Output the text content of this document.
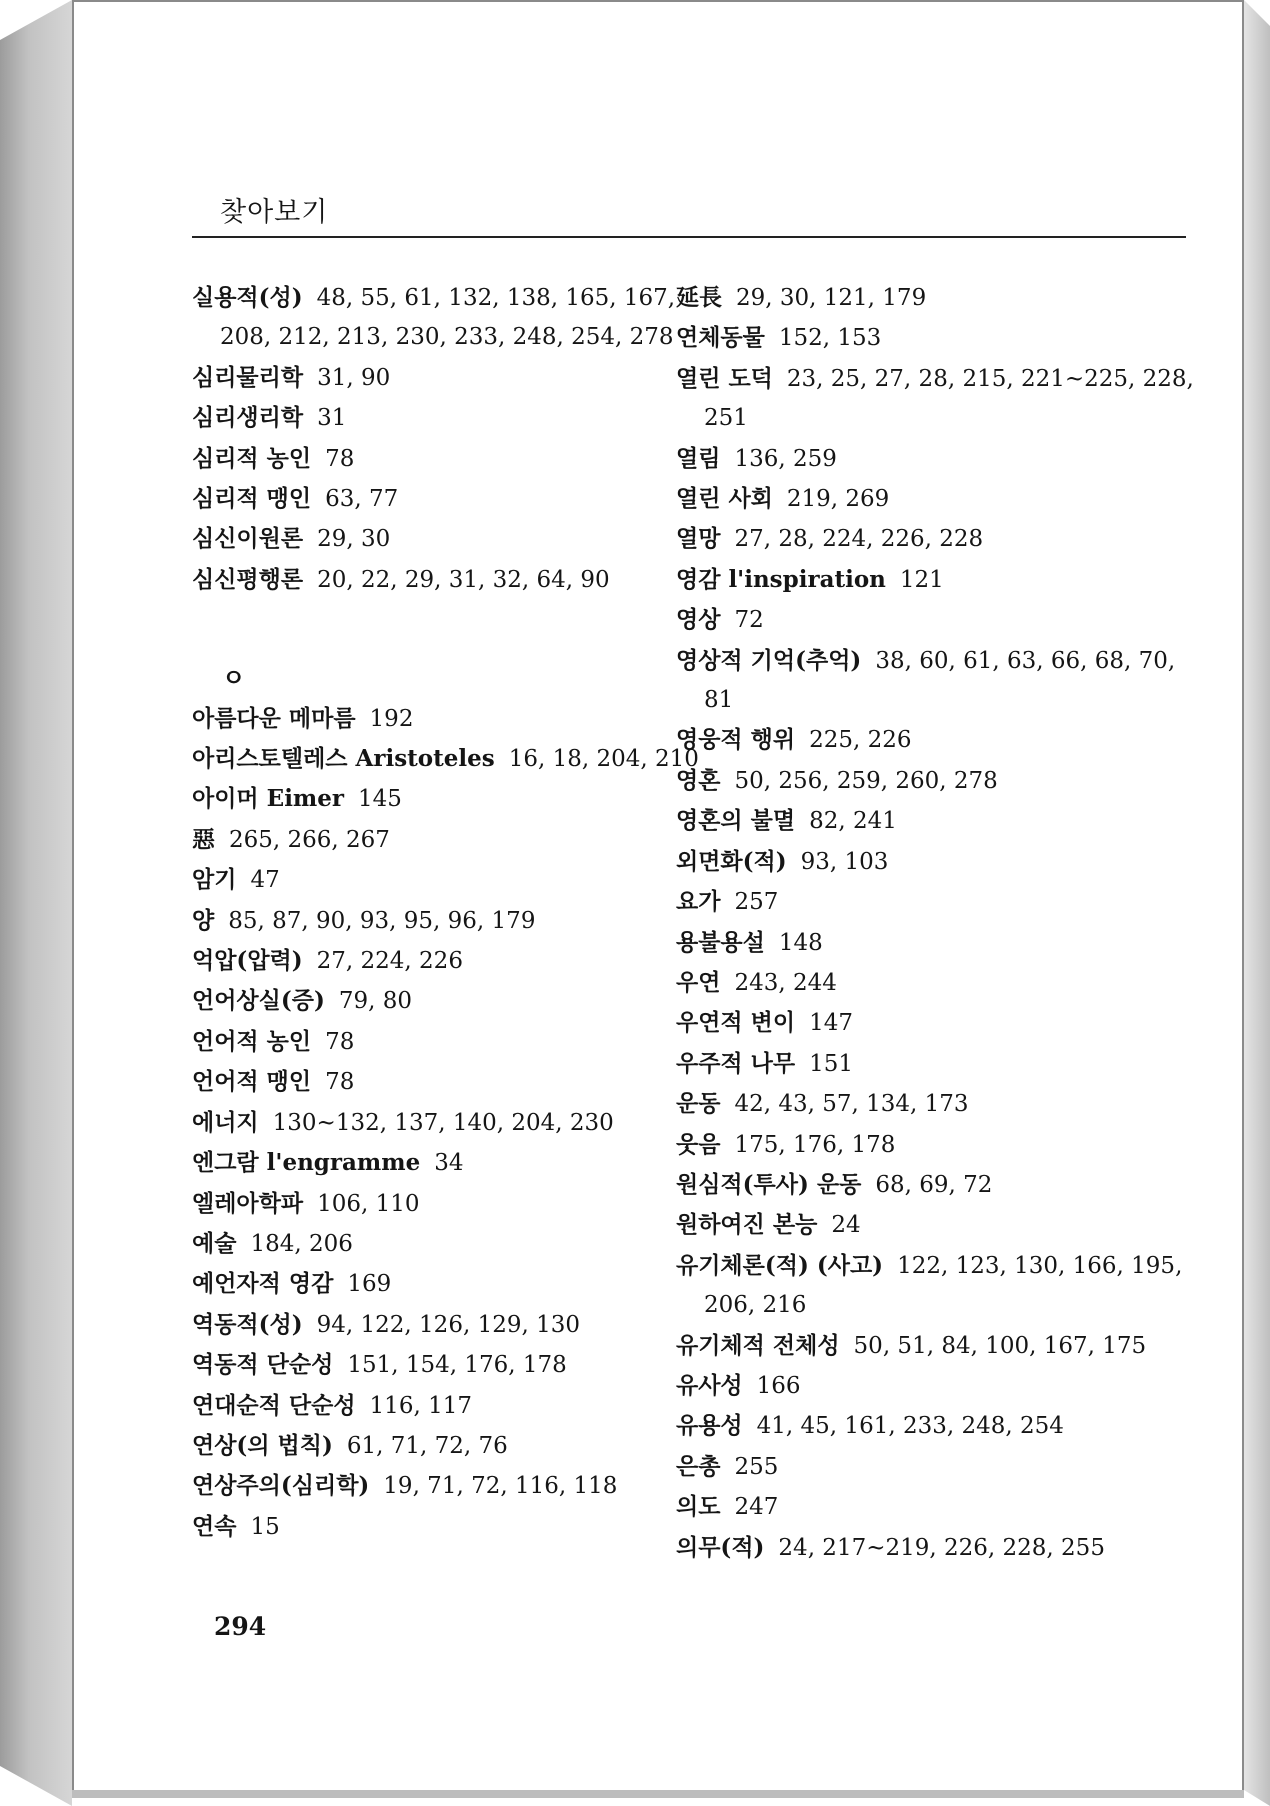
찾아보기

실용적(성) 48, 55, 61, 132, 138, 165, 167, 208, 212, 213, 230, 233, 248, 254, 278

심리물리학 31, 90

심리생리학 31

심리적 농인 78

심리적 맹인 63, 77

심신이원론 29, 30

심신평행론 20, 22, 29, 31, 32, 64, 90

ㅇ

아름다운 메마름 192

아리스토텔레스 Aristoteles 16, 18, 204, 210

아이머 Eimer 145

惡 265, 266, 267

암기 47

양 85, 87, 90, 93, 95, 96, 179

억압(압력) 27, 224, 226

언어상실(증) 79, 80

언어적 농인 78

언어적 맹인 78

에너지 130~132, 137, 140, 204, 230

엔그람 l'engramme 34

엘레아학파 106, 110

예술 184, 206

예언자적 영감 169

역동적(성) 94, 122, 126, 129, 130

역동적 단순성 151, 154, 176, 178

연대순적 단순성 116, 117

연상(의 법칙) 61, 71, 72, 76

연상주의(심리학) 19, 71, 72, 116, 118

연속 15

延長 29, 30, 121, 179

연체동물 152, 153

열린 도덕 23, 25, 27, 28, 215, 221~225, 228, 251

열림 136, 259

열린 사회 219, 269

열망 27, 28, 224, 226, 228

영감 l'inspiration 121

영상 72

영상적 기억(추억) 38, 60, 61, 63, 66, 68, 70, 81

영웅적 행위 225, 226

영혼 50, 256, 259, 260, 278

영혼의 불멸 82, 241

외면화(적) 93, 103

요가 257

용불용설 148

우연 243, 244

우연적 변이 147

우주적 나무 151

운동 42, 43, 57, 134, 173

웃음 175, 176, 178

원심적(투사) 운동 68, 69, 72

원하여진 본능 24

유기체론(적) (사고) 122, 123, 130, 166, 195, 206, 216

유기체적 전체성 50, 51, 84, 100, 167, 175

유사성 166

유용성 41, 45, 161, 233, 248, 254

은총 255

의도 247

의무(적) 24, 217~219, 226, 228, 255

294
